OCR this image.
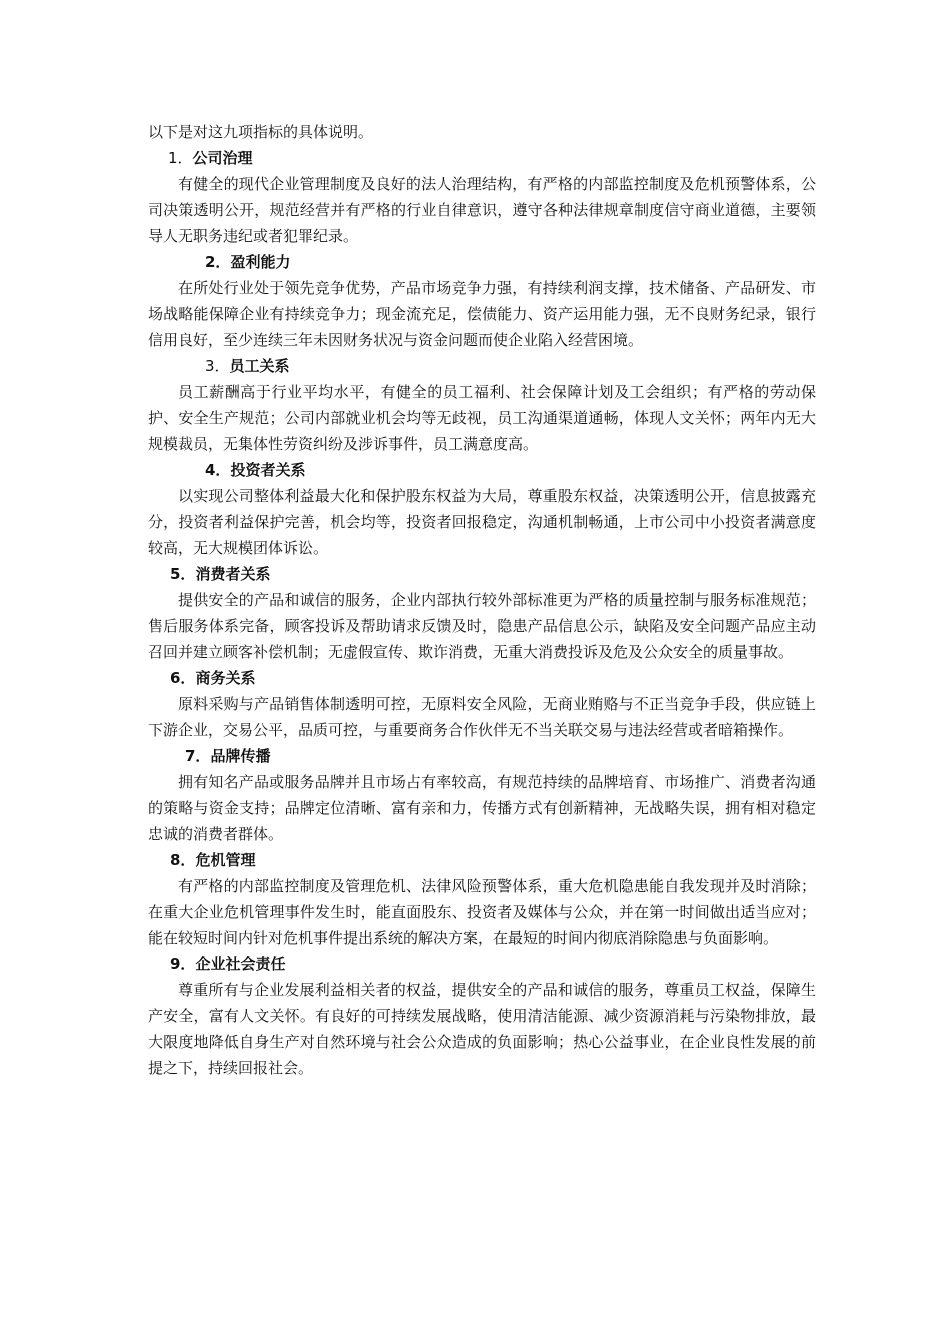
以下是对这九项指标的具体说明。

1．公司治理

有健全的现代企业管理制度及良好的法人治理结构，有严格的内部监控制度及危机预警体系，公司决策透明公开，规范经营并有严格的行业自律意识，遵守各种法律规章制度信守商业道德，主要领导人无职务违纪或者犯罪纪录。

2．盈利能力

在所处行业处于领先竞争优势，产品市场竞争力强，有持续利润支撑，技术储备、产品研发、市场战略能保障企业有持续竞争力；现金流充足，偿债能力、资产运用能力强，无不良财务纪录，银行信用良好，至少连续三年未因财务状况与资金问题而使企业陷入经营困境。

3．员工关系

员工薪酬高于行业平均水平，有健全的员工福利、社会保障计划及工会组织；有严格的劳动保护、安全生产规范；公司内部就业机会均等无歧视，员工沟通渠道通畅，体现人文关怀；两年内无大规模裁员，无集体性劳资纠纷及涉诉事件，员工满意度高。

4．投资者关系

以实现公司整体利益最大化和保护股东权益为大局，尊重股东权益，决策透明公开，信息披露充分，投资者利益保护完善，机会均等，投资者回报稳定，沟通机制畅通，上市公司中小投资者满意度较高，无大规模团体诉讼。

5．消费者关系

提供安全的产品和诚信的服务，企业内部执行较外部标准更为严格的质量控制与服务标准规范；售后服务体系完备，顾客投诉及帮助请求反馈及时，隐患产品信息公示，缺陷及安全问题产品应主动召回并建立顾客补偿机制；无虚假宣传、欺诈消费，无重大消费投诉及危及公众安全的质量事故。

6．商务关系

原料采购与产品销售体制透明可控，无原料安全风险，无商业贿赂与不正当竞争手段，供应链上下游企业，交易公平，品质可控，与重要商务合作伙伴无不当关联交易与违法经营或者暗箱操作。

7．品牌传播

拥有知名产品或服务品牌并且市场占有率较高，有规范持续的品牌培育、市场推广、消费者沟通的策略与资金支持；品牌定位清晰、富有亲和力，传播方式有创新精神，无战略失误，拥有相对稳定忠诚的消费者群体。

8．危机管理

有严格的内部监控制度及管理危机、法律风险预警体系，重大危机隐患能自我发现并及时消除；在重大企业危机管理事件发生时，能直面股东、投资者及媒体与公众，并在第一时间做出适当应对；能在较短时间内针对危机事件提出系统的解决方案，在最短的时间内彻底消除隐患与负面影响。

9．企业社会责任

尊重所有与企业发展利益相关者的权益，提供安全的产品和诚信的服务，尊重员工权益，保障生产安全，富有人文关怀。有良好的可持续发展战略，使用清洁能源、减少资源消耗与污染物排放，最大限度地降低自身生产对自然环境与社会公众造成的负面影响；热心公益事业，在企业良性发展的前提之下，持续回报社会。
